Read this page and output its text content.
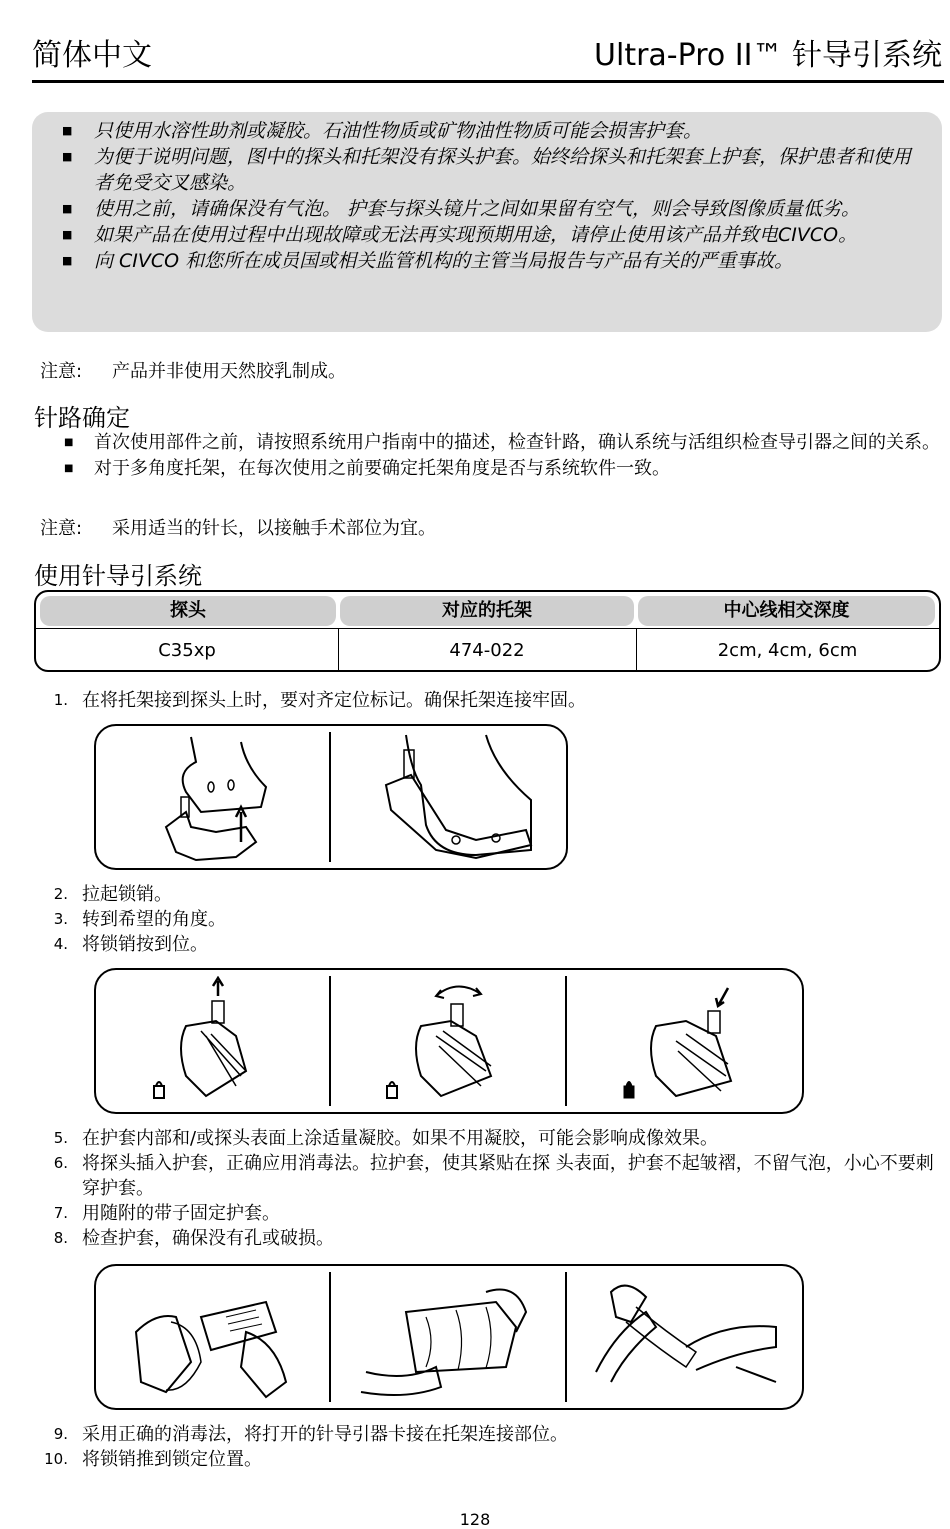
简体中文	Ultra-Pro II™ 针导引系统
■ 只使用水溶性助剂或凝胶。石油性物质或矿物油性物质可能会损害护套。
■ 为便于说明问题，图中的探头和托架没有探头护套。始终给探头和托架套上护套，保护患者和使用者免受交叉感染。
■ 使用之前，请确保没有气泡。 护套与探头镜片之间如果留有空气，则会导致图像质量低劣。
■ 如果产品在使用过程中出现故障或无法再实现预期用途，请停止使用该产品并致电CIVCO。
■ 向 CIVCO 和您所在成员国或相关监管机构的主管当局报告与产品有关的严重事故。
注意: 产品并非使用天然胶乳制成。
针路确定
■ 首次使用部件之前，请按照系统用户指南中的描述，检查针路，确认系统与活组织检查导引器之间的关系。
■ 对于多角度托架，在每次使用之前要确定托架角度是否与系统软件一致。
注意: 采用适当的针长，以接触手术部位为宜。
使用针导引系统
探头	对应的托架	中心线相交深度
C35xp	474-022	2cm, 4cm, 6cm
1. 在将托架接到探头上时，要对齐定位标记。确保托架连接牢固。
2. 拉起锁销。
3. 转到希望的角度。
4. 将锁销按到位。
5. 在护套内部和/或探头表面上涂适量凝胶。如果不用凝胶，可能会影响成像效果。
6. 将探头插入护套，正确应用消毒法。拉护套，使其紧贴在探 头表面，护套不起皱褶，不留气泡，小心不要刺穿护套。
7. 用随附的带子固定护套。
8. 检查护套，确保没有孔或破损。
9. 采用正确的消毒法，将打开的针导引器卡接在托架连接部位。
10. 将锁销推到锁定位置。
128
